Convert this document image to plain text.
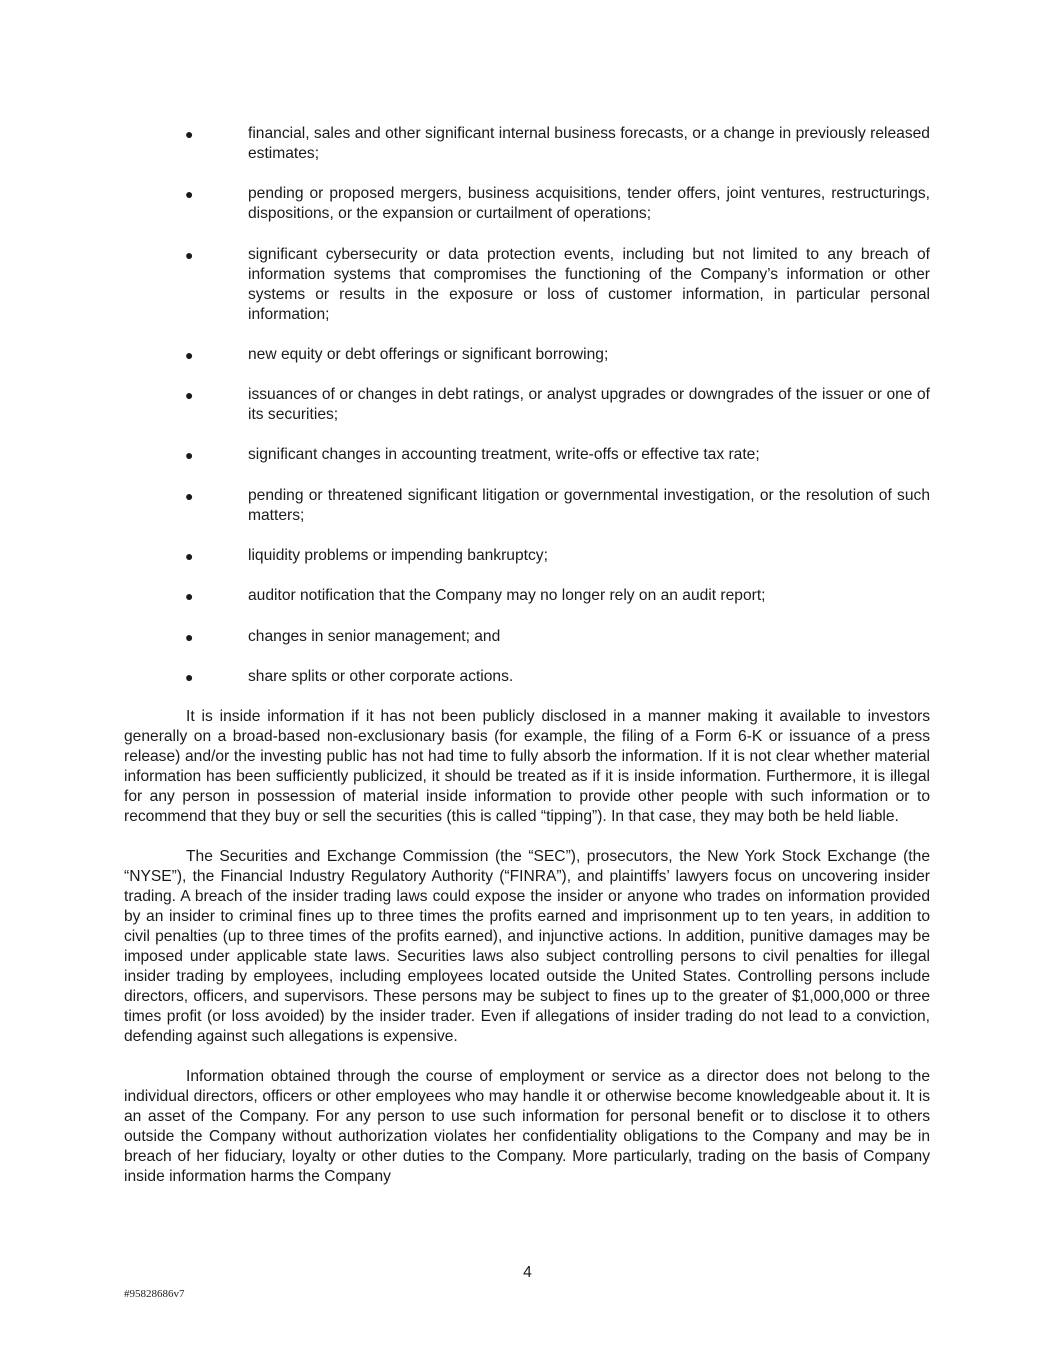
●	financial, sales and other significant internal business forecasts, or a change in previously released estimates;
●	pending or proposed mergers, business acquisitions, tender offers, joint ventures, restructurings, dispositions, or the expansion or curtailment of operations;
●	significant cybersecurity or data protection events, including but not limited to any breach of information systems that compromises the functioning of the Company’s information or other systems or results in the exposure or loss of customer information, in particular personal information;
●	new equity or debt offerings or significant borrowing;
●	issuances of or changes in debt ratings, or analyst upgrades or downgrades of the issuer or one of its securities;
●	significant changes in accounting treatment, write-offs or effective tax rate;
●	pending or threatened significant litigation or governmental investigation, or the resolution of such matters;
●	liquidity problems or impending bankruptcy;
●	auditor notification that the Company may no longer rely on an audit report;
●	changes in senior management; and
●	share splits or other corporate actions.

It is inside information if it has not been publicly disclosed in a manner making it available to investors generally on a broad-based non-exclusionary basis (for example, the filing of a Form 6-K or issuance of a press release) and/or the investing public has not had time to fully absorb the information. If it is not clear whether material information has been sufficiently publicized, it should be treated as if it is inside information. Furthermore, it is illegal for any person in possession of material inside information to provide other people with such information or to recommend that they buy or sell the securities (this is called “tipping”). In that case, they may both be held liable.

The Securities and Exchange Commission (the “SEC”), prosecutors, the New York Stock Exchange (the “NYSE”), the Financial Industry Regulatory Authority (“FINRA”), and plaintiffs’ lawyers focus on uncovering insider trading. A breach of the insider trading laws could expose the insider or anyone who trades on information provided by an insider to criminal fines up to three times the profits earned and imprisonment up to ten years, in addition to civil penalties (up to three times of the profits earned), and injunctive actions. In addition, punitive damages may be imposed under applicable state laws. Securities laws also subject controlling persons to civil penalties for illegal insider trading by employees, including employees located outside the United States. Controlling persons include directors, officers, and supervisors. These persons may be subject to fines up to the greater of $1,000,000 or three times profit (or loss avoided) by the insider trader. Even if allegations of insider trading do not lead to a conviction, defending against such allegations is expensive.

Information obtained through the course of employment or service as a director does not belong to the individual directors, officers or other employees who may handle it or otherwise become knowledgeable about it. It is an asset of the Company. For any person to use such information for personal benefit or to disclose it to others outside the Company without authorization violates her confidentiality obligations to the Company and may be in breach of her fiduciary, loyalty or other duties to the Company. More particularly, trading on the basis of Company inside information harms the Company

4
#95828686v7
